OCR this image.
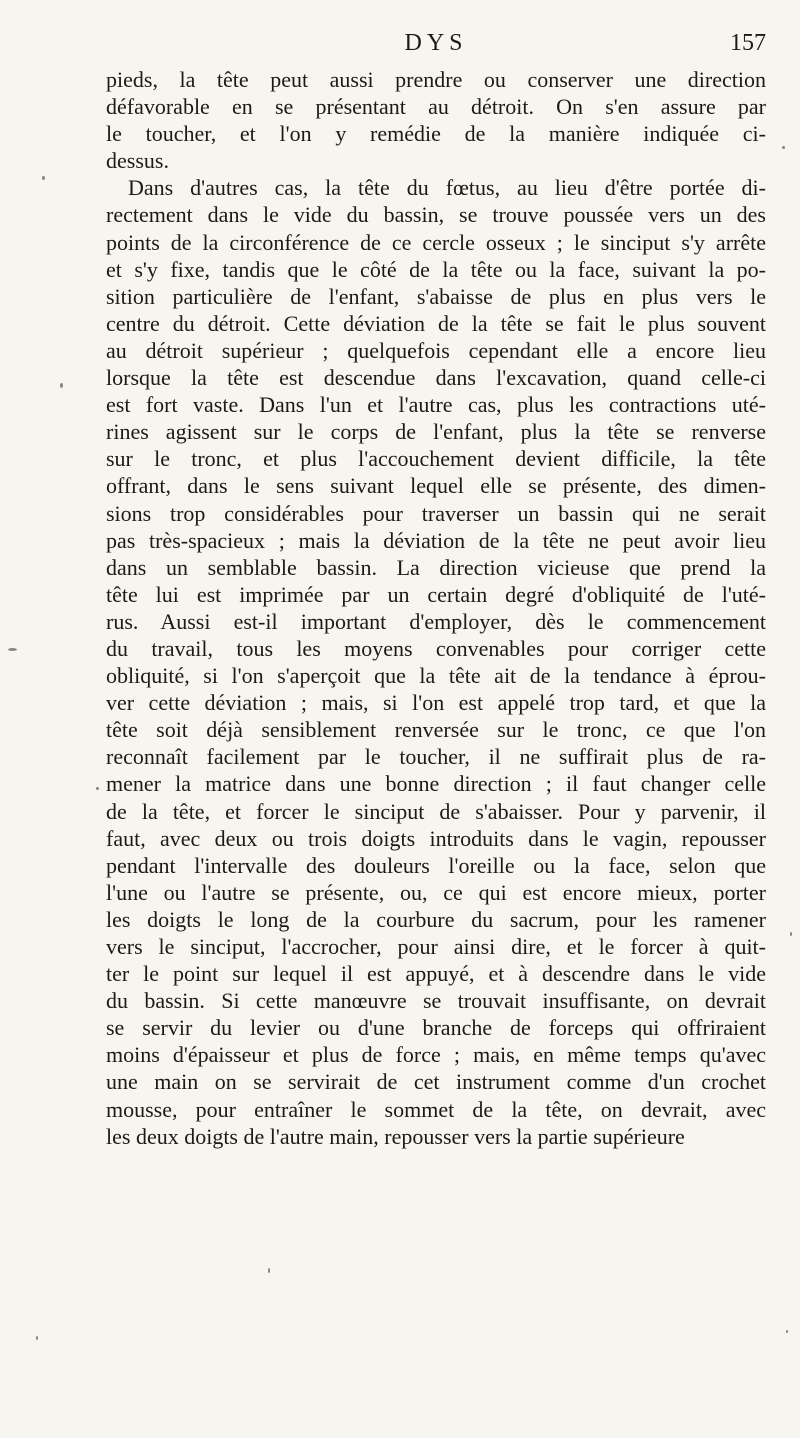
DYS	157
pieds, la tête peut aussi prendre ou conserver une direction
défavorable en se présentant au détroit. On s'en assure par
le toucher, et l'on y remédie de la manière indiquée ci-
dessus.
Dans d'autres cas, la tête du fœtus, au lieu d'être portée di-
rectement dans le vide du bassin, se trouve poussée vers un des
points de la circonférence de ce cercle osseux ; le sinciput s'y arrête
et s'y fixe, tandis que le côté de la tête ou la face, suivant la po-
sition particulière de l'enfant, s'abaisse de plus en plus vers le
centre du détroit. Cette déviation de la tête se fait le plus souvent
au détroit supérieur ; quelquefois cependant elle a encore lieu
lorsque la tête est descendue dans l'excavation, quand celle-ci
est fort vaste. Dans l'un et l'autre cas, plus les contractions uté-
rines agissent sur le corps de l'enfant, plus la tête se renverse
sur le tronc, et plus l'accouchement devient difficile, la tête
offrant, dans le sens suivant lequel elle se présente, des dimen-
sions trop considérables pour traverser un bassin qui ne serait
pas très-spacieux ; mais la déviation de la tête ne peut avoir lieu
dans un semblable bassin. La direction vicieuse que prend la
tête lui est imprimée par un certain degré d'obliquité de l'uté-
rus. Aussi est-il important d'employer, dès le commencement
du travail, tous les moyens convenables pour corriger cette
obliquité, si l'on s'aperçoit que la tête ait de la tendance à éprou-
ver cette déviation ; mais, si l'on est appelé trop tard, et que la
tête soit déjà sensiblement renversée sur le tronc, ce que l'on
reconnaît facilement par le toucher, il ne suffirait plus de ra-
mener la matrice dans une bonne direction ; il faut changer celle
de la tête, et forcer le sinciput de s'abaisser. Pour y parvenir, il
faut, avec deux ou trois doigts introduits dans le vagin, repousser
pendant l'intervalle des douleurs l'oreille ou la face, selon que
l'une ou l'autre se présente, ou, ce qui est encore mieux, porter
les doigts le long de la courbure du sacrum, pour les ramener
vers le sinciput, l'accrocher, pour ainsi dire, et le forcer à quit-
ter le point sur lequel il est appuyé, et à descendre dans le vide
du bassin. Si cette manœuvre se trouvait insuffisante, on devrait
se servir du levier ou d'une branche de forceps qui offriraient
moins d'épaisseur et plus de force ; mais, en même temps qu'avec
une main on se servirait de cet instrument comme d'un crochet
mousse, pour entraîner le sommet de la tête, on devrait, avec
les deux doigts de l'autre main, repousser vers la partie supérieure
